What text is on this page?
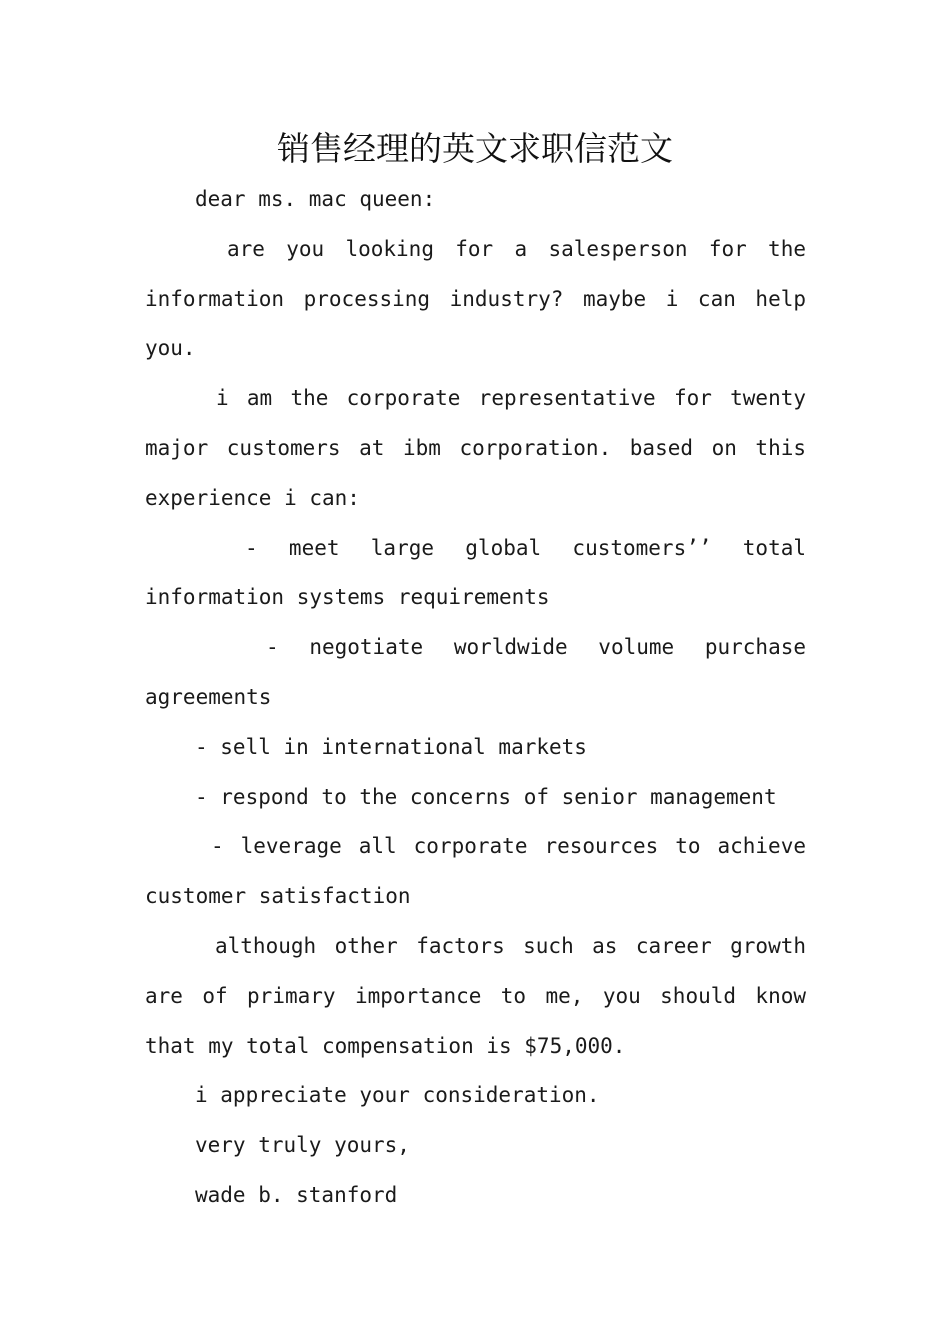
销售经理的英文求职信范文

dear ms. mac queen:

are you looking for a salesperson for the information processing industry? maybe i can help you.

i am the corporate representative for twenty major customers at ibm corporation. based on this experience i can:

- meet large global customers’’ total information systems requirements

- negotiate worldwide volume purchase agreements

- sell in international markets

- respond to the concerns of senior management

- leverage all corporate resources to achieve customer satisfaction

although other factors such as career growth are of primary importance to me, you should know that my total compensation is $75,000.

i appreciate your consideration.

very truly yours,

wade b. stanford
